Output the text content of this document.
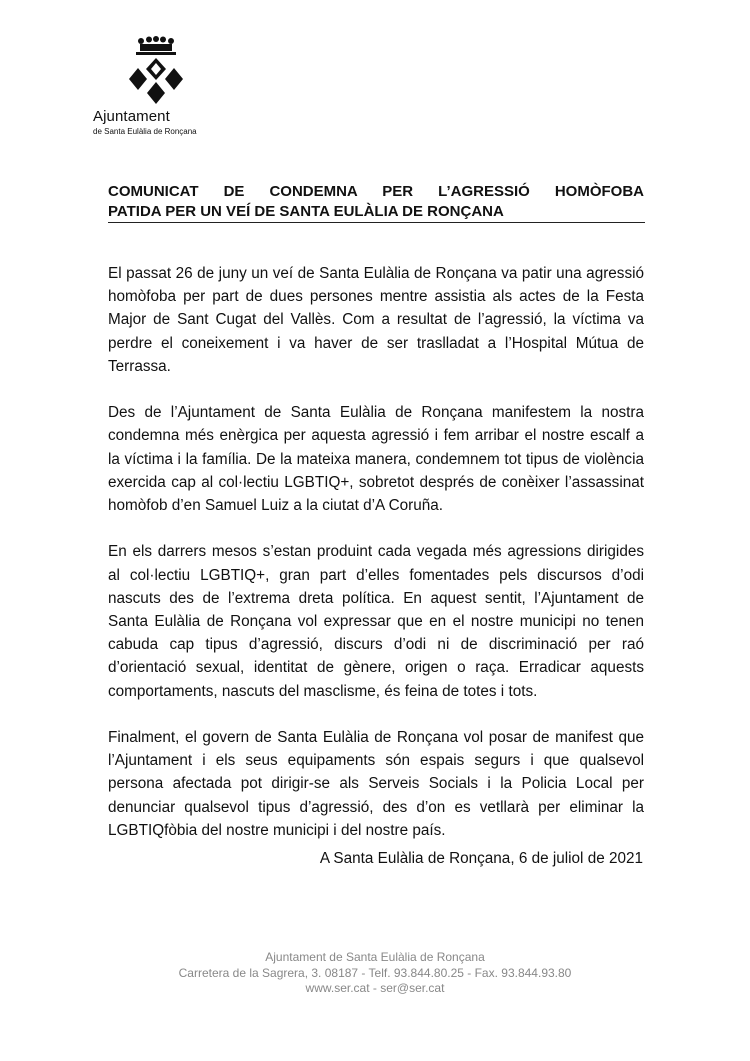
Ajuntament
de Santa Eulàlia de Ronçana
COMUNICAT DE CONDEMNA PER L’AGRESSIÓ HOMÒFOBA
PATIDA PER UN VEÍ DE SANTA EULÀLIA DE RONÇANA

El passat 26 de juny un veí de Santa Eulàlia de Ronçana va patir una agressió homòfoba per part de dues persones mentre assistia als actes de la Festa Major de Sant Cugat del Vallès. Com a resultat de l’agressió, la víctima va perdre el coneixement i va haver de ser traslladat a l’Hospital Mútua de Terrassa.

Des de l’Ajuntament de Santa Eulàlia de Ronçana manifestem la nostra condemna més enèrgica per aquesta agressió i fem arribar el nostre escalf a la víctima i la família. De la mateixa manera, condemnem tot tipus de violència exercida cap al col·lectiu LGBTIQ+, sobretot després de conèixer l’assassinat homòfob d’en Samuel Luiz a la ciutat d’A Coruña.

En els darrers mesos s’estan produint cada vegada més agressions dirigides al col·lectiu LGBTIQ+, gran part d’elles fomentades pels discursos d’odi nascuts des de l’extrema dreta política. En aquest sentit, l’Ajuntament de Santa Eulàlia de Ronçana vol expressar que en el nostre municipi no tenen cabuda cap tipus d’agressió, discurs d’odi ni de discriminació per raó d’orientació sexual, identitat de gènere, origen o raça. Erradicar aquests comportaments, nascuts del masclisme, és feina de totes i tots.

Finalment, el govern de Santa Eulàlia de Ronçana vol posar de manifest que l’Ajuntament i els seus equipaments són espais segurs i que qualsevol persona afectada pot dirigir-se als Serveis Socials i la Policia Local per denunciar qualsevol tipus d’agressió, des d’on es vetllarà per eliminar la LGBTIQfòbia del nostre municipi i del nostre país.

A Santa Eulàlia de Ronçana, 6 de juliol de 2021
Ajuntament de Santa Eulàlia de Ronçana
Carretera de la Sagrera, 3. 08187 - Telf. 93.844.80.25 - Fax. 93.844.93.80
www.ser.cat - ser@ser.cat
